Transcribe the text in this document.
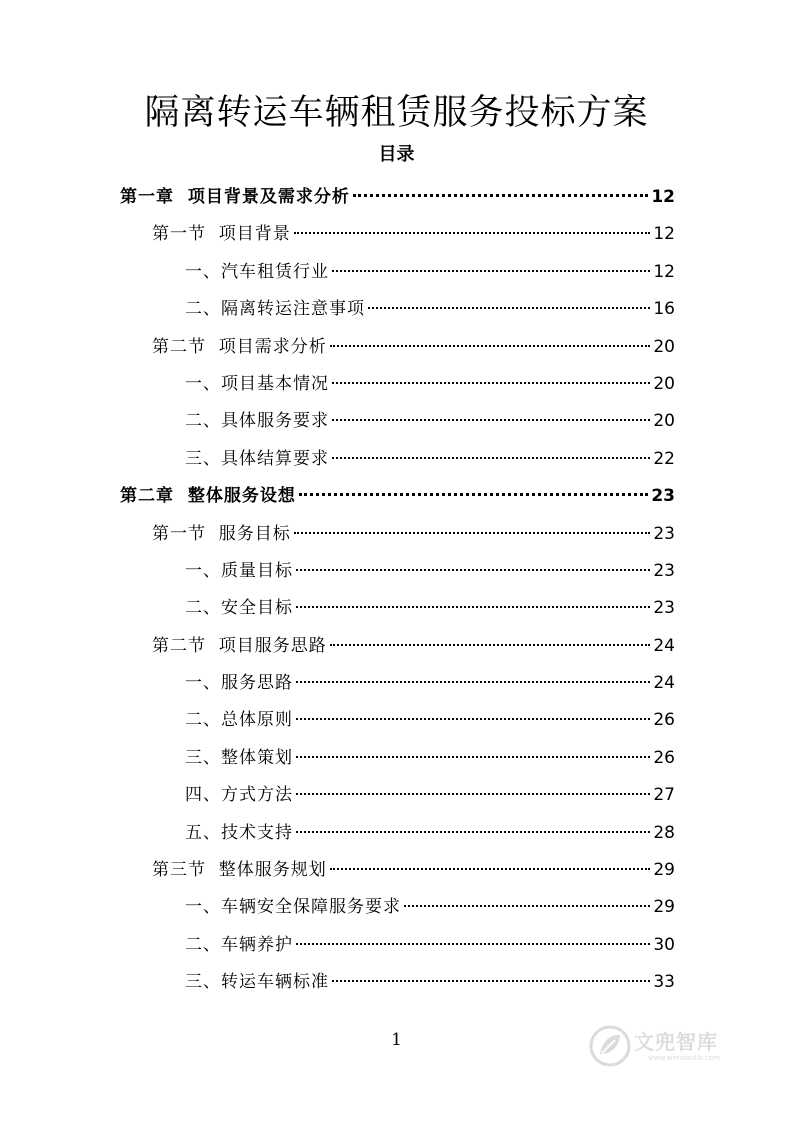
隔离转运车辆租赁服务投标方案
目录
第一章  项目背景及需求分析	12
第一节  项目背景	12
一、汽车租赁行业	12
二、隔离转运注意事项	16
第二节  项目需求分析	20
一、项目基本情况	20
二、具体服务要求	20
三、具体结算要求	22
第二章  整体服务设想	23
第一节  服务目标	23
一、质量目标	23
二、安全目标	23
第二节  项目服务思路	24
一、服务思路	24
二、总体原则	26
三、整体策划	26
四、方式方法	27
五、技术支持	28
第三节  整体服务规划	29
一、车辆安全保障服务要求	29
二、车辆养护	30
三、转运车辆标准	33
1	文兜智库
www.wendoulib.com
